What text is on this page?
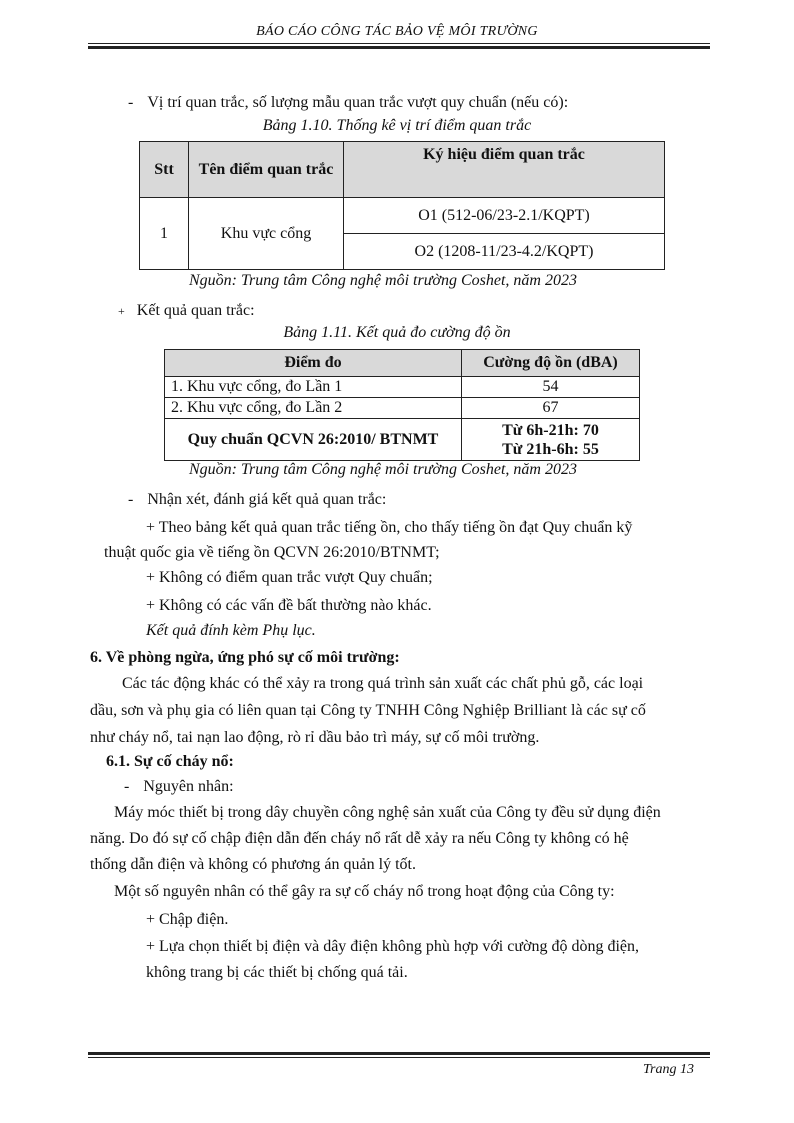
BÁO CÁO CÔNG TÁC BẢO VỆ MÔI TRƯỜNG
- Vị trí quan trắc, số lượng mẫu quan trắc vượt quy chuẩn (nếu có):
Bảng 1.10. Thống kê vị trí điểm quan trắc
Stt	Tên điểm quan trắc	Ký hiệu điểm quan trắc
1	Khu vực cổng	O1 (512-06/23-2.1/KQPT)
		O2 (1208-11/23-4.2/KQPT)
Nguồn: Trung tâm Công nghệ môi trường Coshet, năm 2023
+ Kết quả quan trắc:
Bảng 1.11. Kết quả đo cường độ ồn
Điểm đo	Cường độ ồn (dBA)
1. Khu vực cổng, đo Lần 1	54
2. Khu vực cổng, đo Lần 2	67
Quy chuẩn QCVN 26:2010/ BTNMT	Từ 6h-21h: 70
Từ 21h-6h: 55
Nguồn: Trung tâm Công nghệ môi trường Coshet, năm 2023
- Nhận xét, đánh giá kết quả quan trắc:
+ Theo bảng kết quả quan trắc tiếng ồn, cho thấy tiếng ồn đạt Quy chuẩn kỹ
thuật quốc gia về tiếng ồn QCVN 26:2010/BTNMT;
+ Không có điểm quan trắc vượt Quy chuẩn;
+ Không có các vấn đề bất thường nào khác.
Kết quả đính kèm Phụ lục.
6. Về phòng ngừa, ứng phó sự cố môi trường:
Các tác động khác có thể xảy ra trong quá trình sản xuất các chất phủ gỗ, các loại
dầu, sơn và phụ gia có liên quan tại Công ty TNHH Công Nghiệp Brilliant là các sự cố
như cháy nổ, tai nạn lao động, rò rỉ dầu bảo trì máy, sự cố môi trường.
6.1. Sự cố cháy nổ:
- Nguyên nhân:
Máy móc thiết bị trong dây chuyền công nghệ sản xuất của Công ty đều sử dụng điện
năng. Do đó sự cố chập điện dẫn đến cháy nổ rất dễ xảy ra nếu Công ty không có hệ
thống dẫn điện và không có phương án quản lý tốt.
Một số nguyên nhân có thể gây ra sự cố cháy nổ trong hoạt động của Công ty:
+ Chập điện.
+ Lựa chọn thiết bị điện và dây điện không phù hợp với cường độ dòng điện,
không trang bị các thiết bị chống quá tải.
Trang 13
